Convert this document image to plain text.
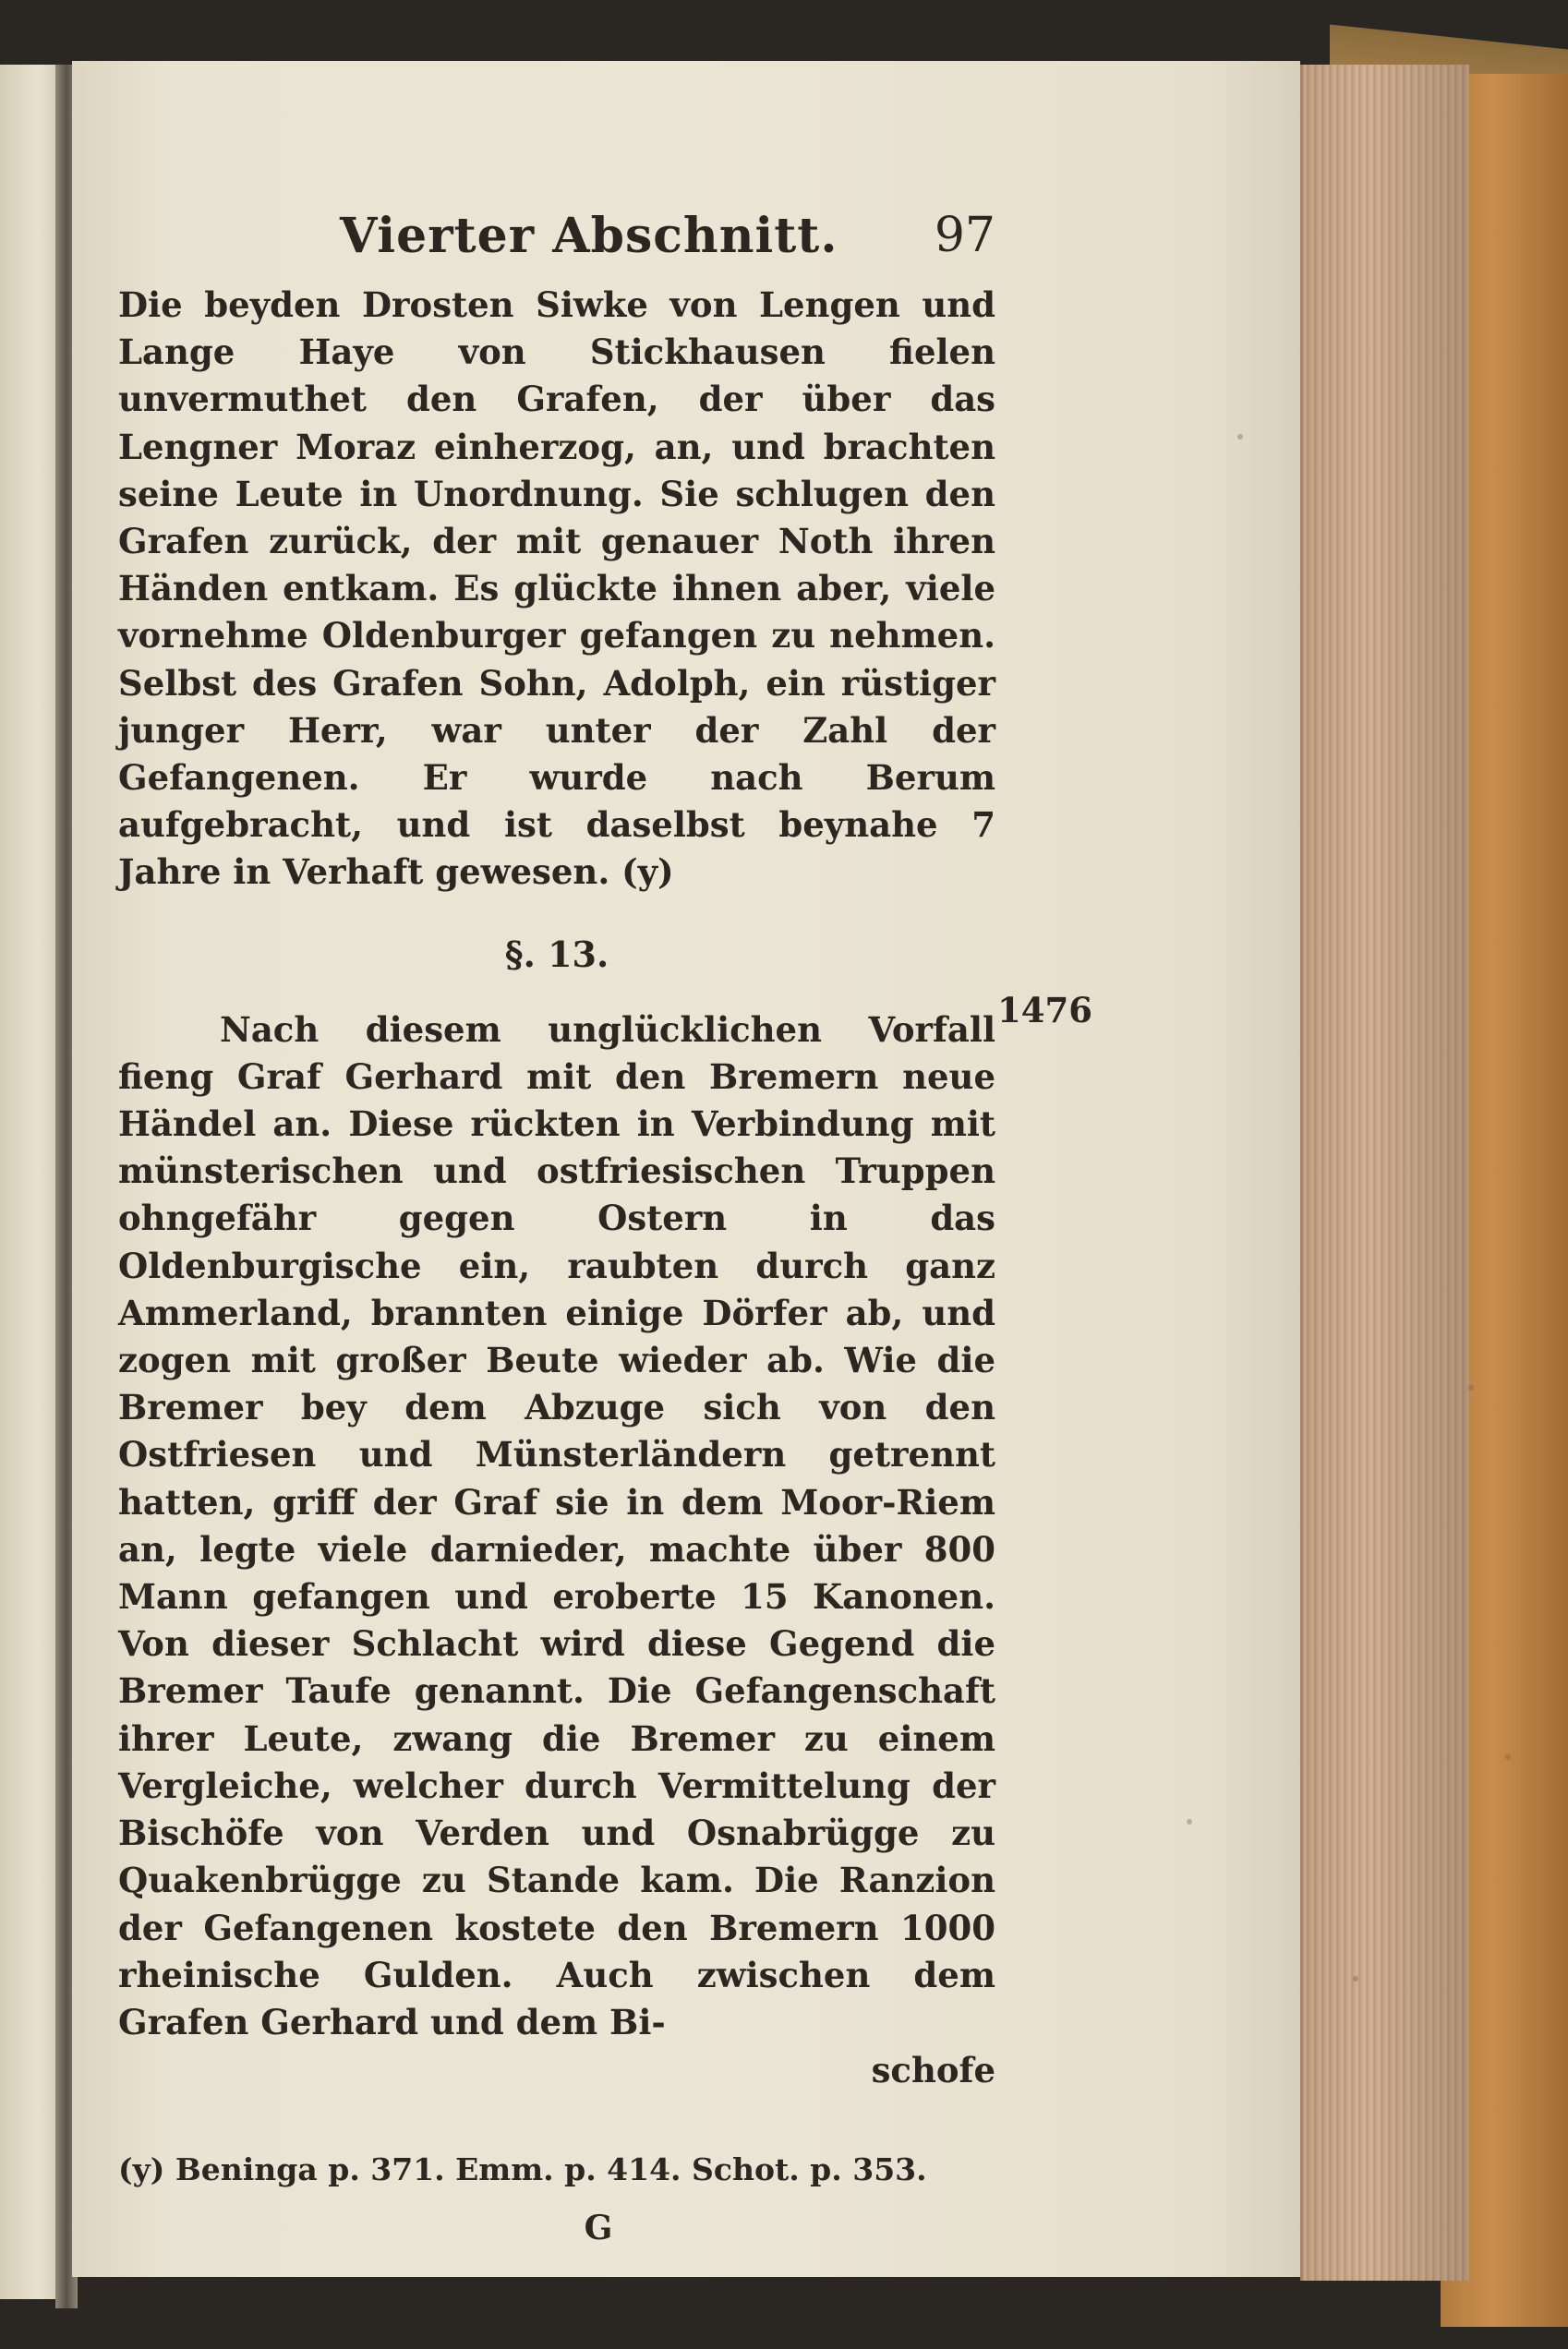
Vierter Abschnitt. 97

Die beyden Drosten Siwke von Lengen und Lange Haye von Stickhausen fielen unvermuthet den Grafen, der über das Lengner Moraz einherzog, an, und brachten seine Leute in Unordnung. Sie schlugen den Grafen zurück, der mit genauer Noth ihren Händen entkam. Es glückte ihnen aber, viele vornehme Oldenburger gefangen zu nehmen. Selbst des Grafen Sohn, Adolph, ein rüstiger junger Herr, war unter der Zahl der Gefangenen. Er wurde nach Berum aufgebracht, und ist daselbst beynahe 7 Jahre in Verhaft gewesen. (y)

§. 13.

Nach diesem unglücklichen Vorfall fieng Graf Gerhard mit den Bremern neue Händel an. Diese rückten in Verbindung mit münsterischen und ostfriesischen Truppen ohngefähr gegen Ostern in das Oldenburgische ein, raubten durch ganz Ammerland, brannten einige Dörfer ab, und zogen mit großer Beute wieder ab. Wie die Bremer bey dem Abzuge sich von den Ostfriesen und Münsterländern getrennt hatten, griff der Graf sie in dem Moor-Riem an, legte viele darnieder, machte über 800 Mann gefangen und eroberte 15 Kanonen. Von dieser Schlacht wird diese Gegend die Bremer Taufe genannt. Die Gefangenschaft ihrer Leute, zwang die Bremer zu einem Vergleiche, welcher durch Vermittelung der Bischöfe von Verden und Osnabrügge zu Quakenbrügge zu Stande kam. Die Ranzion der Gefangenen kostete den Bremern 1000 rheinische Gulden. Auch zwischen dem Grafen Gerhard und dem Bi-

schofe
(y) Beninga p. 371. Emm. p. 414. Schot. p. 353.
G
1476
